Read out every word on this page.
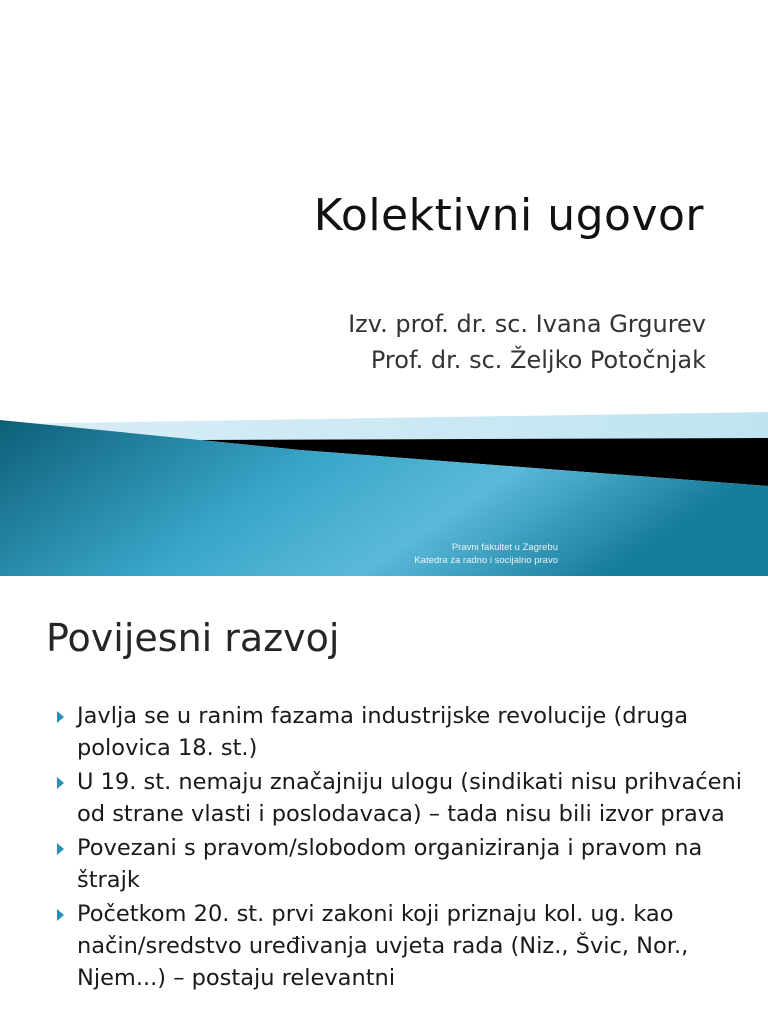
Kolektivni ugovor
Izv. prof. dr. sc. Ivana Grgurev
Prof. dr. sc. Željko Potočnjak
Pravni fakultet u Zagrebu
Katedra za radno i socijalno pravo
Povijesni razvoj
Javlja se u ranim fazama industrijske revolucije (druga polovica 18. st.)
U 19. st. nemaju značajniju ulogu (sindikati nisu prihvaćeni od strane vlasti i poslodavaca) – tada nisu bili izvor prava
Povezani s pravom/slobodom organiziranja i pravom na štrajk
Početkom 20. st. prvi zakoni koji priznaju kol. ug. kao način/sredstvo uređivanja uvjeta rada (Niz., Švic, Nor., Njem...) – postaju relevantni
